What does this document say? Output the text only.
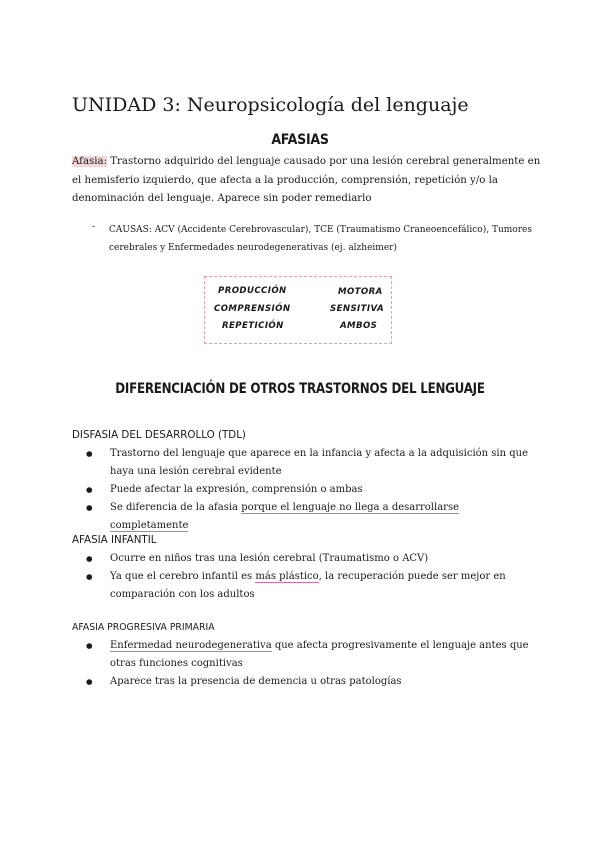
UNIDAD 3: Neuropsicología del lenguaje
AFASIAS
Afasia: Trastorno adquirido del lenguaje causado por una lesión cerebral generalmente en el hemisferio izquierdo, que afecta a la producción, comprensión, repetición y/o la denominación del lenguaje. Aparece sin poder remediarlo
- CAUSAS: ACV (Accidente Cerebrovascular), TCE (Traumatismo Craneoencefálico), Tumores cerebrales y Enfermedades neurodegenerativas (ej. alzheimer)
PRODUCCIÓN
COMPRENSIÓN
REPETICIÓN
MOTORA
SENSITIVA
AMBOS
DIFERENCIACIÓN DE OTROS TRASTORNOS DEL LENGUAJE
DISFASIA DEL DESARROLLO (TDL)
● Trastorno del lenguaje que aparece en la infancia y afecta a la adquisición sin que haya una lesión cerebral evidente
● Puede afectar la expresión, comprensión o ambas
● Se diferencia de la afasia porque el lenguaje no llega a desarrollarse completamente
AFASIA INFANTIL
● Ocurre en niños tras una lesión cerebral (Traumatismo o ACV)
● Ya que el cerebro infantil es más plástico, la recuperación puede ser mejor en comparación con los adultos
AFASIA PROGRESIVA PRIMARIA
● Enfermedad neurodegenerativa que afecta progresivamente el lenguaje antes que otras funciones cognitivas
● Aparece tras la presencia de demencia u otras patologías
